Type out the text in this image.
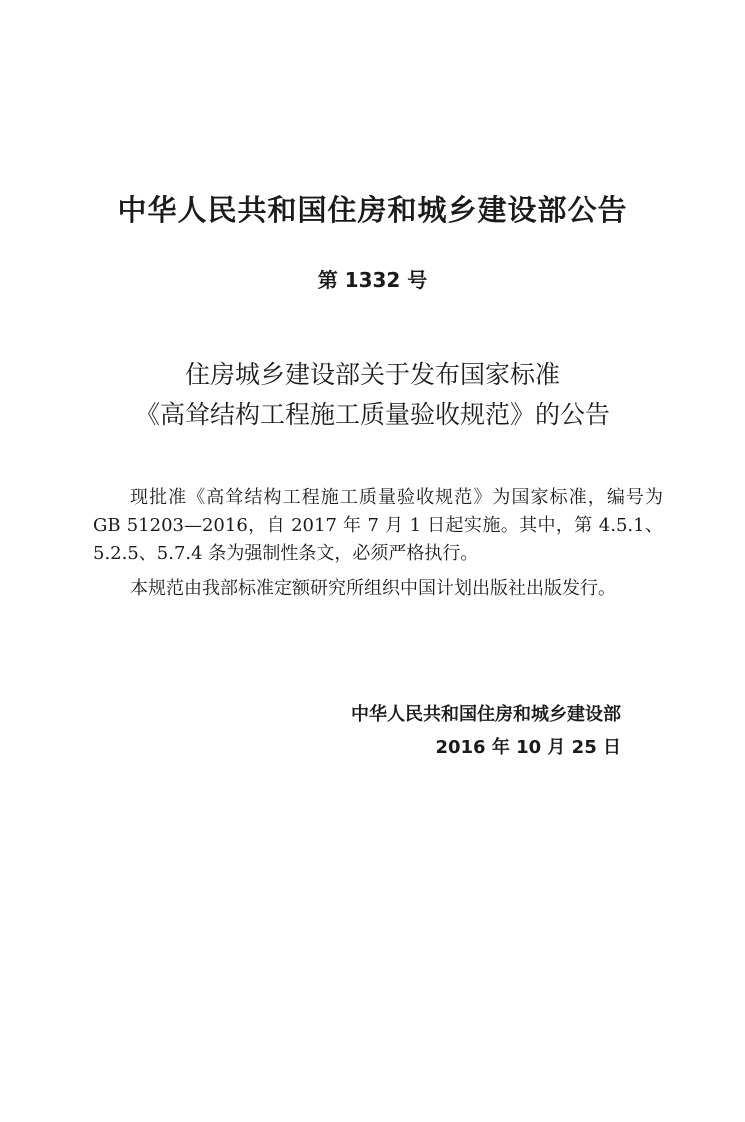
中华人民共和国住房和城乡建设部公告
第 1332 号
住房城乡建设部关于发布国家标准
《高耸结构工程施工质量验收规范》的公告

现批准《高耸结构工程施工质量验收规范》为国家标准，编号为 GB 51203—2016，自 2017 年 7 月 1 日起实施。其中，第 4.5.1、5.2.5、5.7.4 条为强制性条文，必须严格执行。

本规范由我部标准定额研究所组织中国计划出版社出版发行。

中华人民共和国住房和城乡建设部
2016 年 10 月 25 日
